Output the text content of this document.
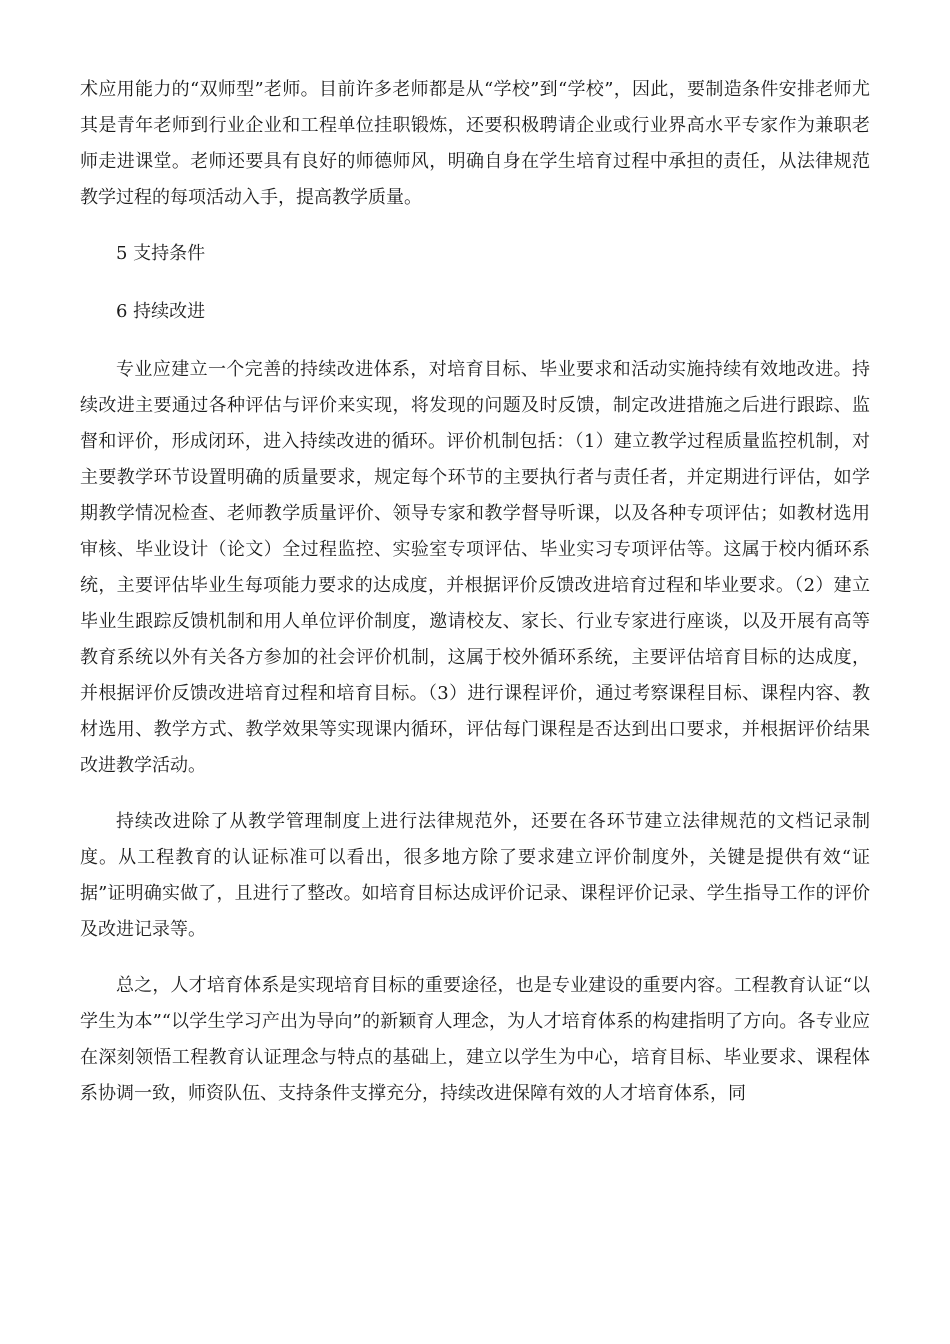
术应用能力的“双师型”老师。目前许多老师都是从“学校”到“学校”，因此，要制造条件安排老师尤其是青年老师到行业企业和工程单位挂职锻炼，还要积极聘请企业或行业界高水平专家作为兼职老师走进课堂。老师还要具有良好的师德师风，明确自身在学生培育过程中承担的责任，从法律规范教学过程的每项活动入手，提高教学质量。

5 支持条件

6 持续改进

专业应建立一个完善的持续改进体系，对培育目标、毕业要求和活动实施持续有效地改进。持续改进主要通过各种评估与评价来实现，将发现的问题及时反馈，制定改进措施之后进行跟踪、监督和评价，形成闭环，进入持续改进的循环。评价机制包括：（1）建立教学过程质量监控机制，对主要教学环节设置明确的质量要求，规定每个环节的主要执行者与责任者，并定期进行评估，如学期教学情况检查、老师教学质量评价、领导专家和教学督导听课，以及各种专项评估；如教材选用审核、毕业设计（论文）全过程监控、实验室专项评估、毕业实习专项评估等。这属于校内循环系统，主要评估毕业生每项能力要求的达成度，并根据评价反馈改进培育过程和毕业要求。（2）建立毕业生跟踪反馈机制和用人单位评价制度，邀请校友、家长、行业专家进行座谈，以及开展有高等教育系统以外有关各方参加的社会评价机制，这属于校外循环系统，主要评估培育目标的达成度，并根据评价反馈改进培育过程和培育目标。（3）进行课程评价，通过考察课程目标、课程内容、教材选用、教学方式、教学效果等实现课内循环，评估每门课程是否达到出口要求，并根据评价结果改进教学活动。

持续改进除了从教学管理制度上进行法律规范外，还要在各环节建立法律规范的文档记录制度。从工程教育的认证标准可以看出，很多地方除了要求建立评价制度外，关键是提供有效“证据”证明确实做了，且进行了整改。如培育目标达成评价记录、课程评价记录、学生指导工作的评价及改进记录等。

总之，人才培育体系是实现培育目标的重要途径，也是专业建设的重要内容。工程教育认证“以学生为本”“以学生学习产出为导向”的新颖育人理念，为人才培育体系的构建指明了方向。各专业应在深刻领悟工程教育认证理念与特点的基础上，建立以学生为中心，培育目标、毕业要求、课程体系协调一致，师资队伍、支持条件支撑充分，持续改进保障有效的人才培育体系，同
